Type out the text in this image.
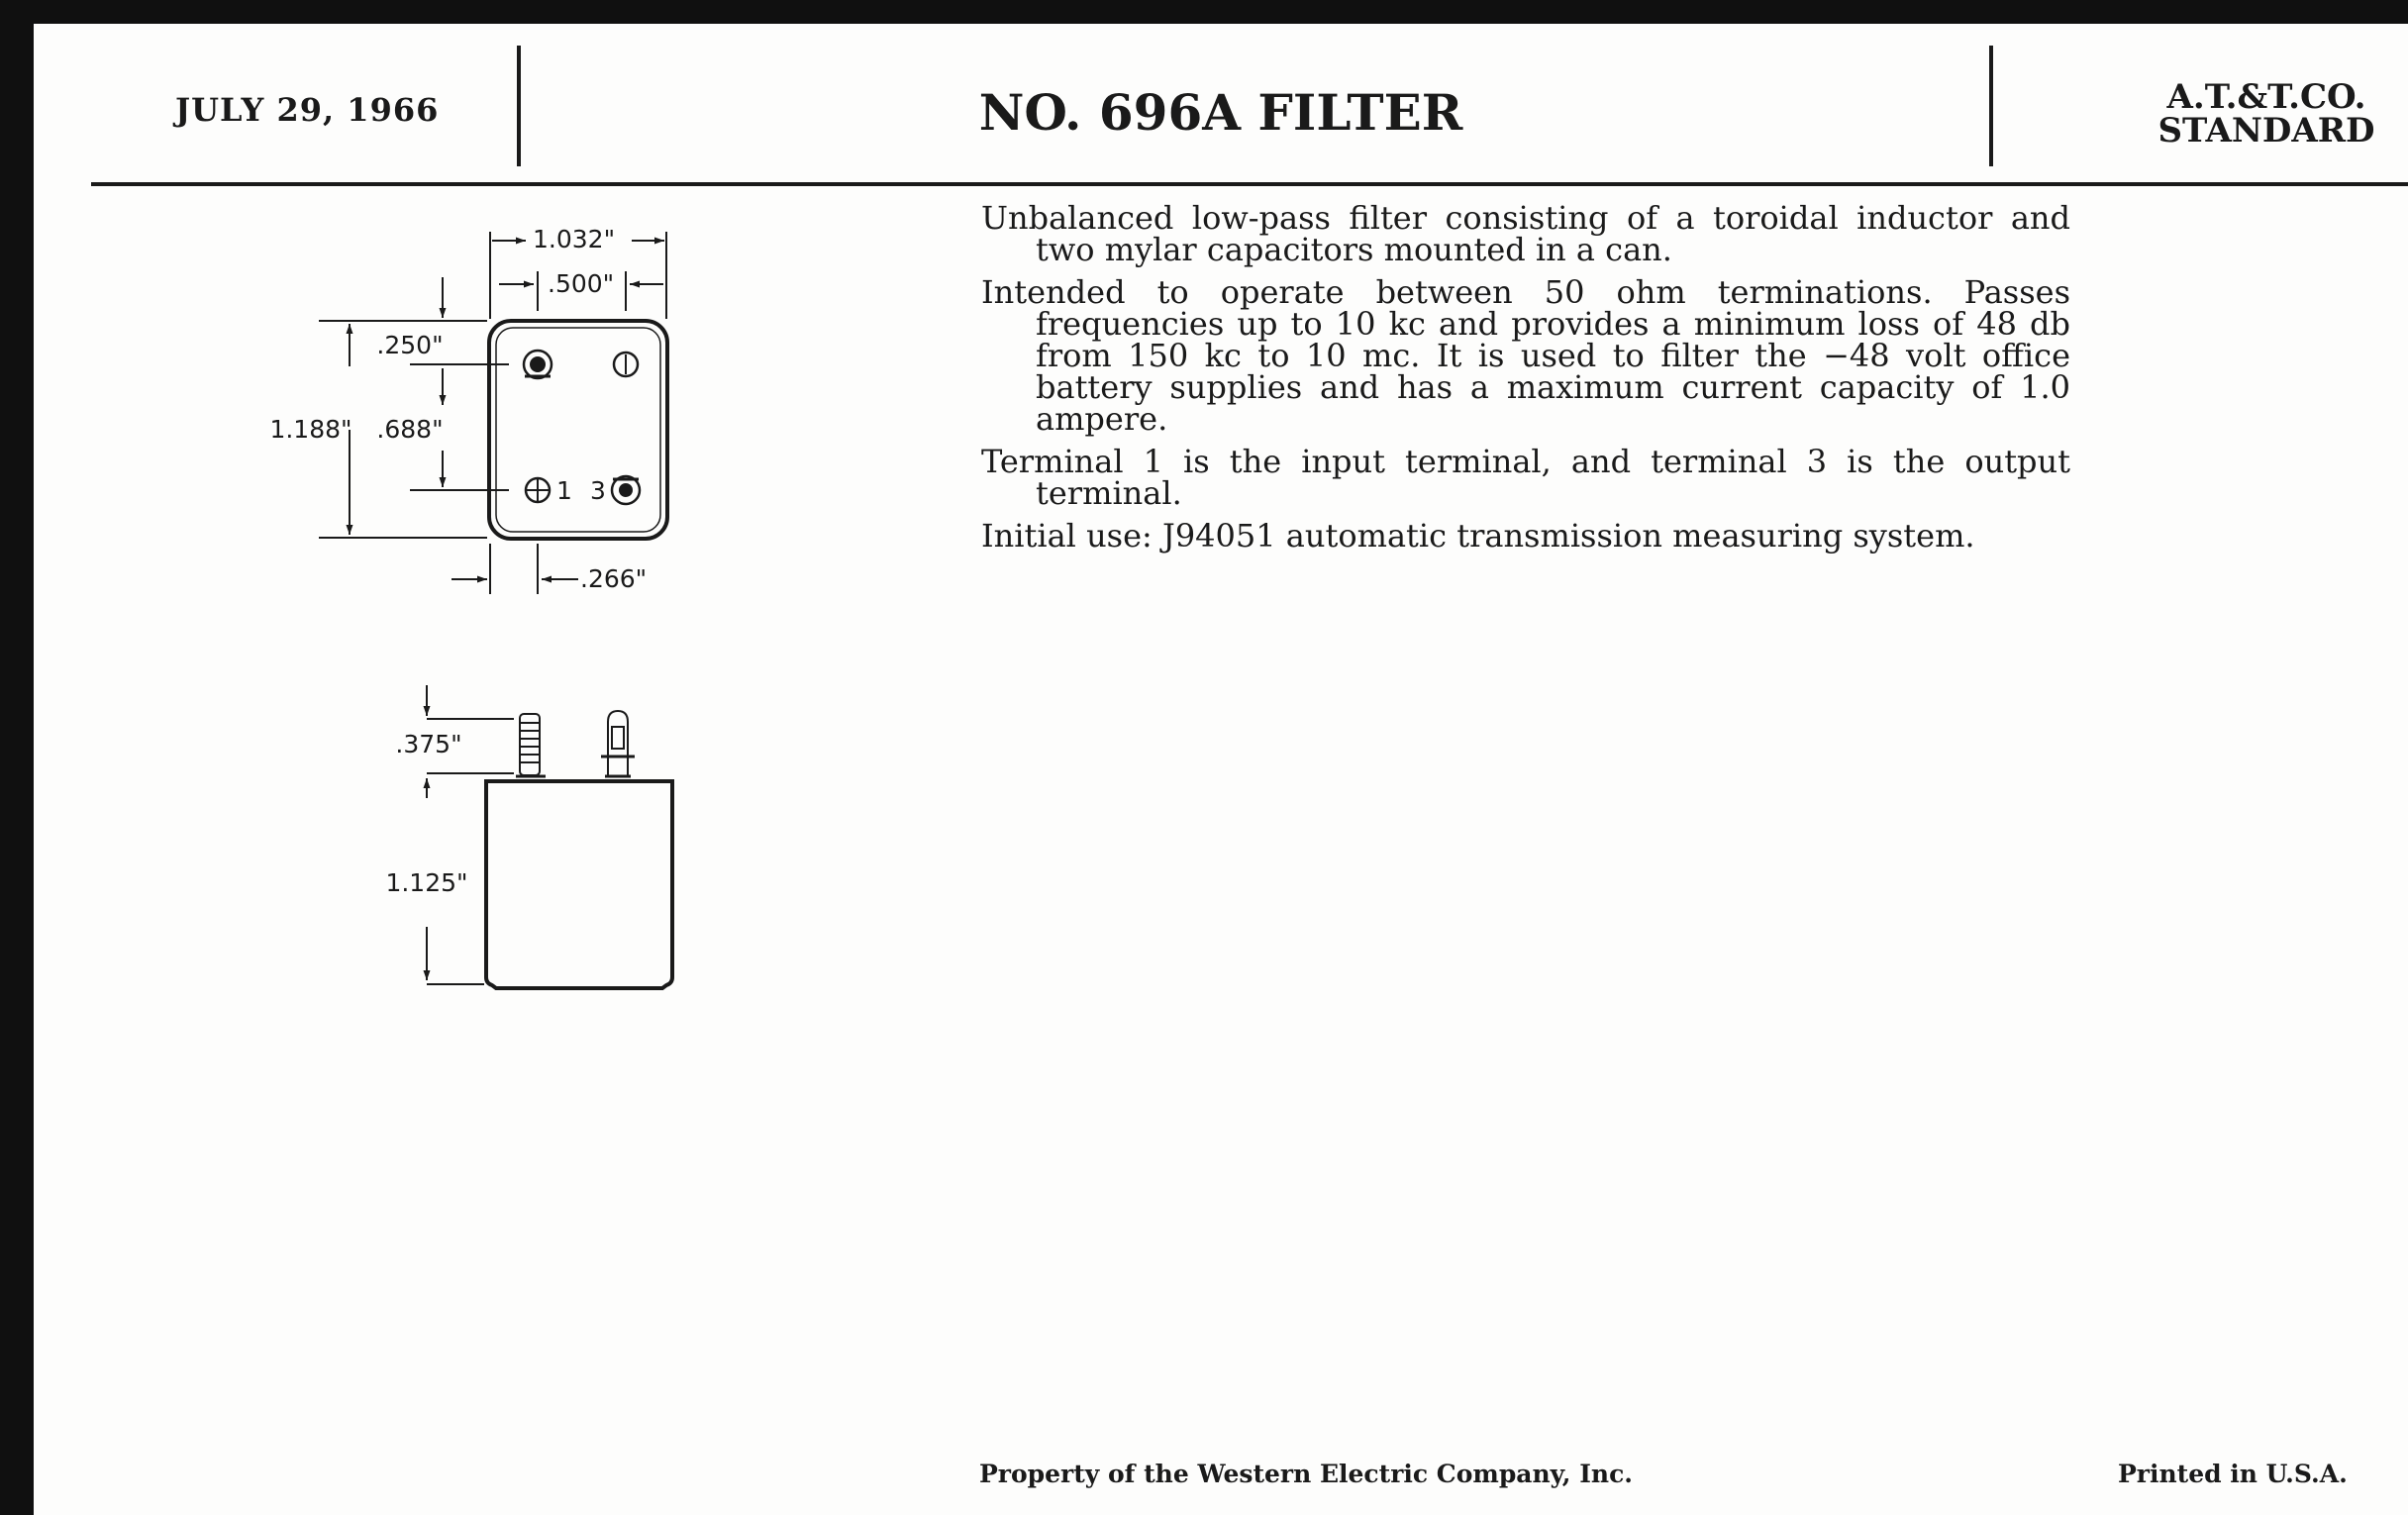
JULY 29, 1966	NO. 696A FILTER	A.T.&T.CO.
STANDARD
1.032"
.500"
.250"
.688"
1.188"
.266"
1 3
.375"
1.125"

Unbalanced low-pass filter consisting of a toroidal inductor and two mylar capacitors mounted in a can.

Intended to operate between 50 ohm terminations. Passes frequencies up to 10 kc and provides a minimum loss of 48 db from 150 kc to 10 mc. It is used to filter the −48 volt office battery supplies and has a maximum current capacity of 1.0 ampere.

Terminal 1 is the input terminal, and terminal 3 is the output terminal.

Initial use: J94051 automatic transmission measuring system.

Property of the Western Electric Company, Inc.	Printed in U.S.A.
